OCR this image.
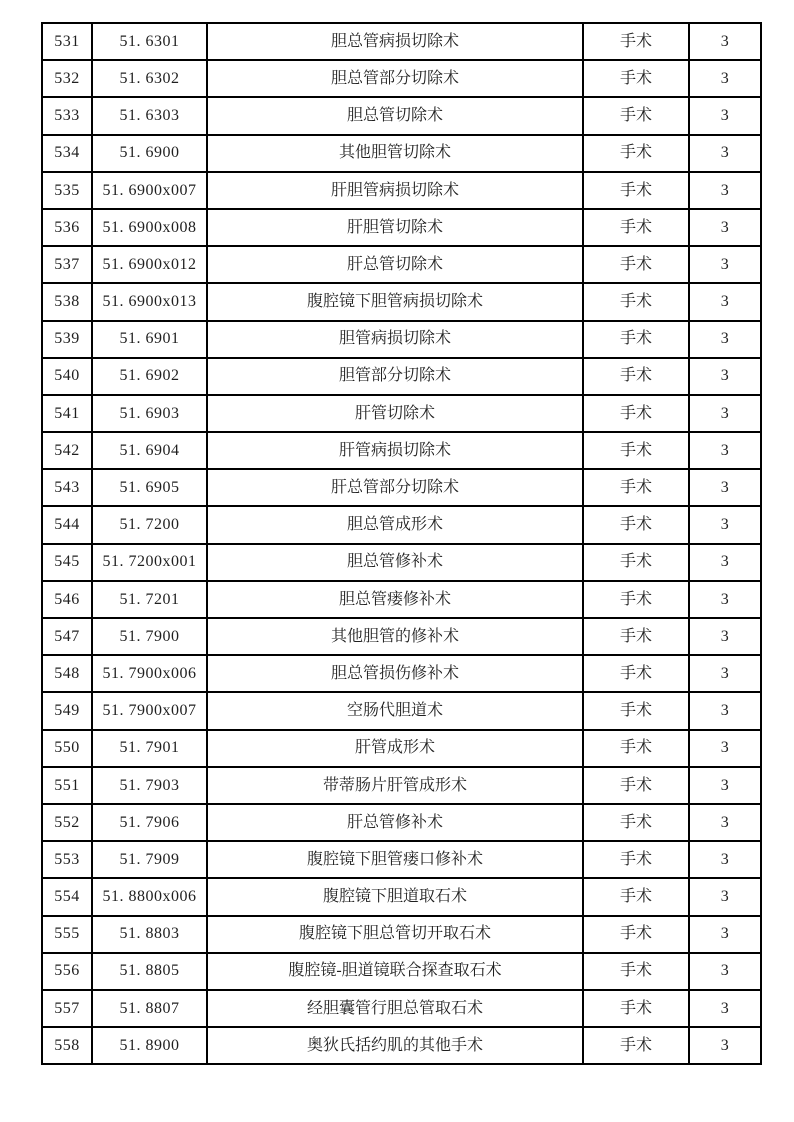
531	51. 6301	胆总管病损切除术	手术	3
532	51. 6302	胆总管部分切除术	手术	3
533	51. 6303	胆总管切除术	手术	3
534	51. 6900	其他胆管切除术	手术	3
535	51. 6900x007	肝胆管病损切除术	手术	3
536	51. 6900x008	肝胆管切除术	手术	3
537	51. 6900x012	肝总管切除术	手术	3
538	51. 6900x013	腹腔镜下胆管病损切除术	手术	3
539	51. 6901	胆管病损切除术	手术	3
540	51. 6902	胆管部分切除术	手术	3
541	51. 6903	肝管切除术	手术	3
542	51. 6904	肝管病损切除术	手术	3
543	51. 6905	肝总管部分切除术	手术	3
544	51. 7200	胆总管成形术	手术	3
545	51. 7200x001	胆总管修补术	手术	3
546	51. 7201	胆总管瘘修补术	手术	3
547	51. 7900	其他胆管的修补术	手术	3
548	51. 7900x006	胆总管损伤修补术	手术	3
549	51. 7900x007	空肠代胆道术	手术	3
550	51. 7901	肝管成形术	手术	3
551	51. 7903	带蒂肠片肝管成形术	手术	3
552	51. 7906	肝总管修补术	手术	3
553	51. 7909	腹腔镜下胆管瘘口修补术	手术	3
554	51. 8800x006	腹腔镜下胆道取石术	手术	3
555	51. 8803	腹腔镜下胆总管切开取石术	手术	3
556	51. 8805	腹腔镜-胆道镜联合探查取石术	手术	3
557	51. 8807	经胆囊管行胆总管取石术	手术	3
558	51. 8900	奥狄氏括约肌的其他手术	手术	3
